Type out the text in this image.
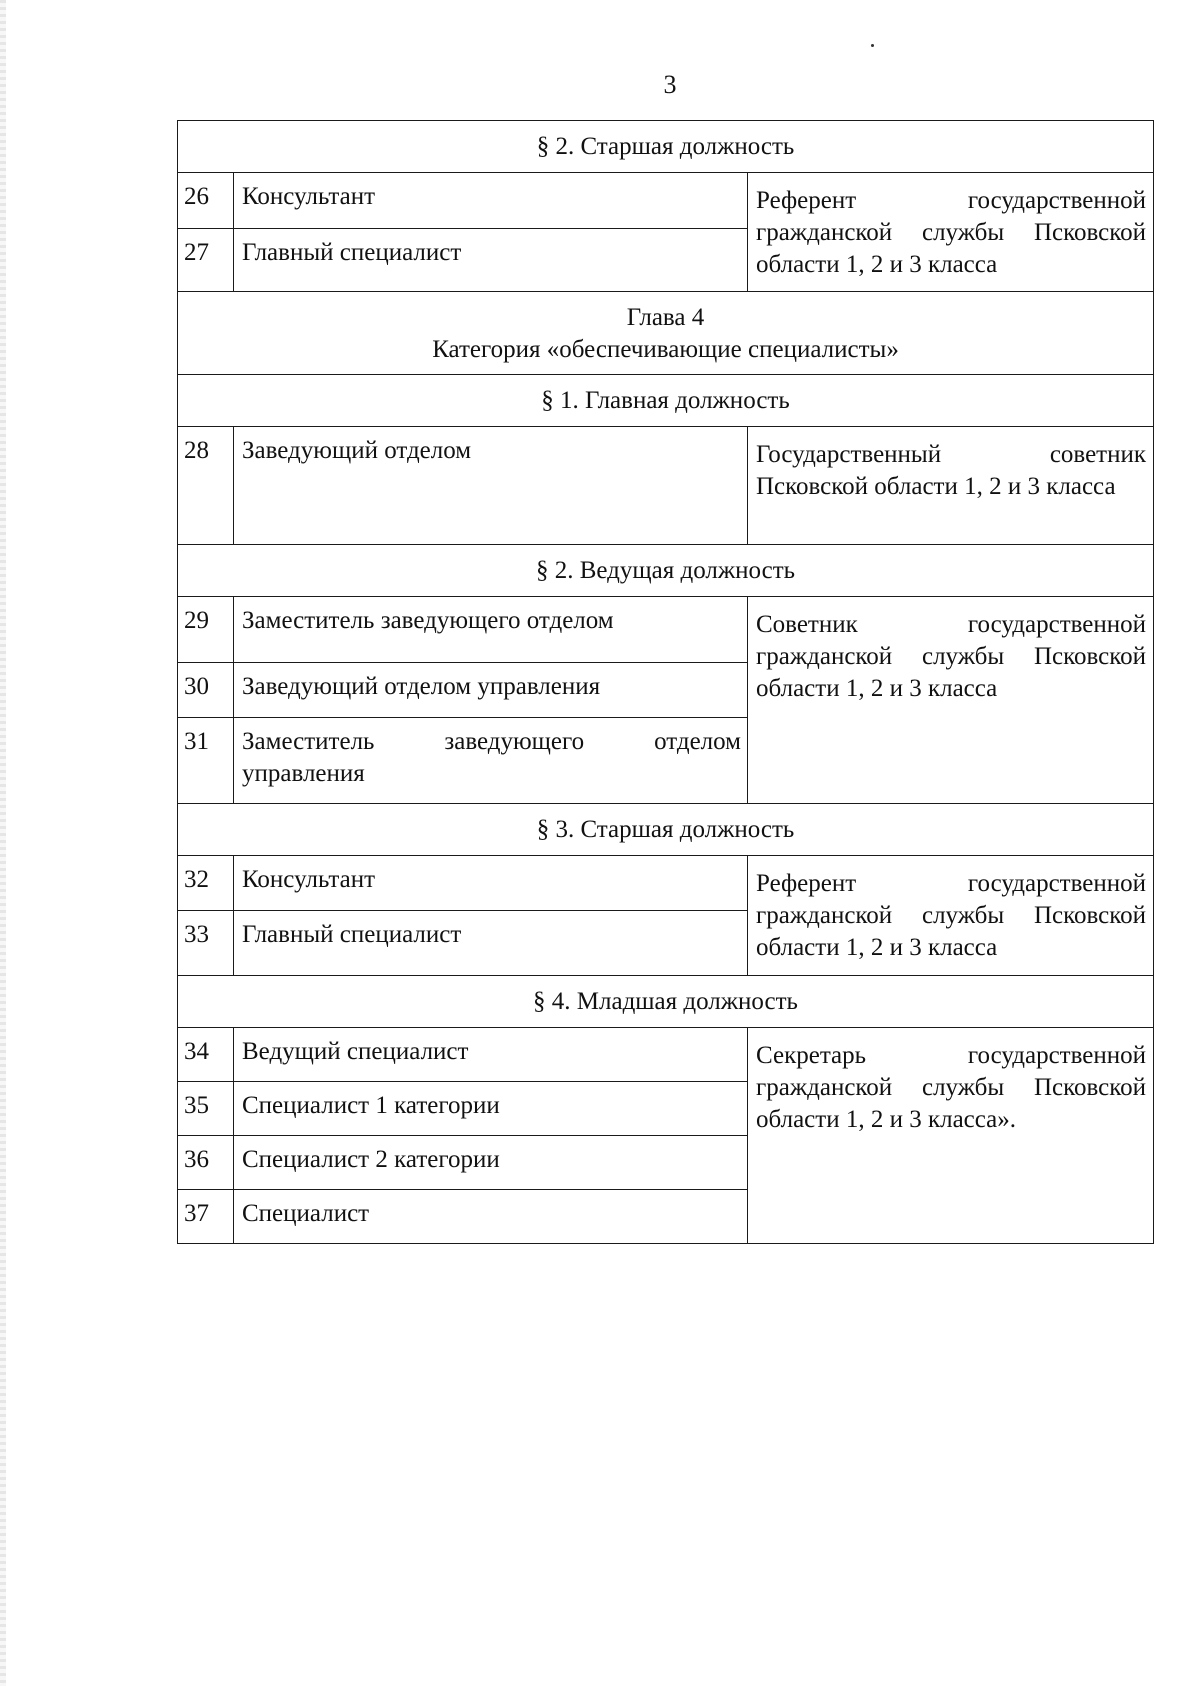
3
§ 2. Старшая должность		
26	Консультант	Референт государственной гражданской службы Псковской области 1, 2 и 3 класса
27	Главный специалист	

Глава 4
Категория «обеспечивающие специалисты»		

§ 1. Главная должность		
28	Заведующий отделом	Государственный советник Псковской области 1, 2 и 3 класса
§ 2. Ведущая должность		
29	Заместитель заведующего отделом	Советник государственной гражданской службы Псковской области 1, 2 и 3 класса
30	Заведующий отделом управления	
31	Заместитель заведующего отделом управления	
§ 3. Старшая должность		
32	Консультант	Референт государственной гражданской службы Псковской области 1, 2 и 3 класса
33	Главный специалист	
§ 4. Младшая должность		
34	Ведущий специалист	Секретарь государственной гражданской службы Псковской области 1, 2 и 3 класса».
35	Специалист 1 категории	
36	Специалист 2 категории	
37	Специалист	
